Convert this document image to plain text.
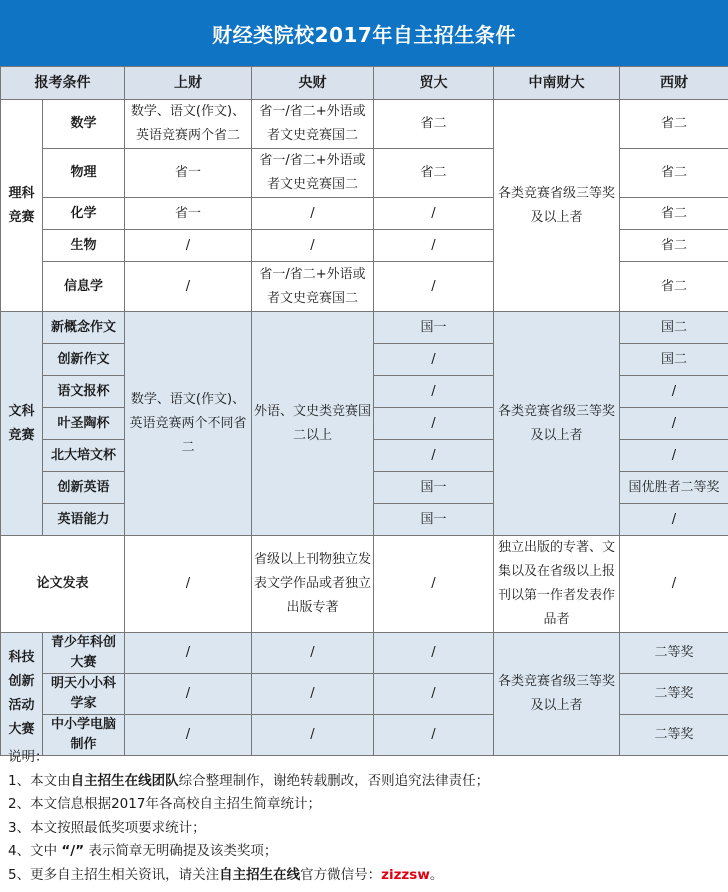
财经类院校2017年自主招生条件
报考条件		上财	央财	贸大	中南财大	西财
理科竞赛	数学	数学、语文(作文)、英语竞赛两个省二	省一/省二+外语或者文史竞赛国二	省二	各类竞赛省级三等奖及以上者	省二
	物理	省一	省一/省二+外语或者文史竞赛国二	省二		省二
	化学	省一	/	/		省二
	生物	/	/	/		省二
	信息学	/	省一/省二+外语或者文史竞赛国二	/		省二
文科竞赛	新概念作文	数学、语文(作文)、英语竞赛两个不同省二	外语、文史类竞赛国二以上	国一	各类竞赛省级三等奖及以上者	国二
	创新作文			/		国二
	语文报杯			/		/
	叶圣陶杯			/		/
	北大培文杯			/		/
	创新英语			国一		国优胜者二等奖
	英语能力			国一		/
论文发表		/	省级以上刊物独立发表文学作品或者独立出版专著	/	独立出版的专著、文集以及在省级以上报刊以第一作者发表作品者	/
科技创新活动大赛	青少年科创大赛	/	/	/	各类竞赛省级三等奖及以上者	二等奖
	明天小小科学家	/	/	/		二等奖
	中小学电脑制作	/	/	/		二等奖
说明：
1、本文由自主招生在线团队综合整理制作，谢绝转载删改，否则追究法律责任；
2、本文信息根据2017年各高校自主招生简章统计；
3、本文按照最低奖项要求统计；
4、文中 “/” 表示简章无明确提及该类奖项；
5、更多自主招生相关资讯，请关注自主招生在线官方微信号：zizzsw。
